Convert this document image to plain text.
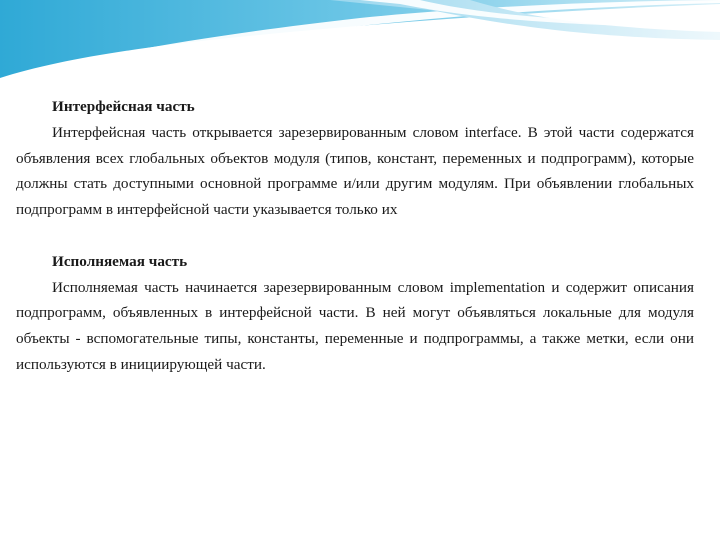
Интерфейсная часть

Интерфейсная часть открывается зарезервированным словом interface. В этой части содержатся объявления всех глобальных объектов модуля (типов, констант, переменных и подпрограмм), которые должны стать доступными основной программе и/или другим модулям. При объявлении глобальных подпрограмм в интерфейсной части указывается только их

Исполняемая часть

Исполняемая часть начинается зарезервированным словом implementation и содержит описания подпрограмм, объявленных в интерфейсной части. В ней могут объявляться локальные для модуля объекты - вспомогательные типы, константы, переменные и подпрограммы, а также метки, если они используются в инициирующей части.
